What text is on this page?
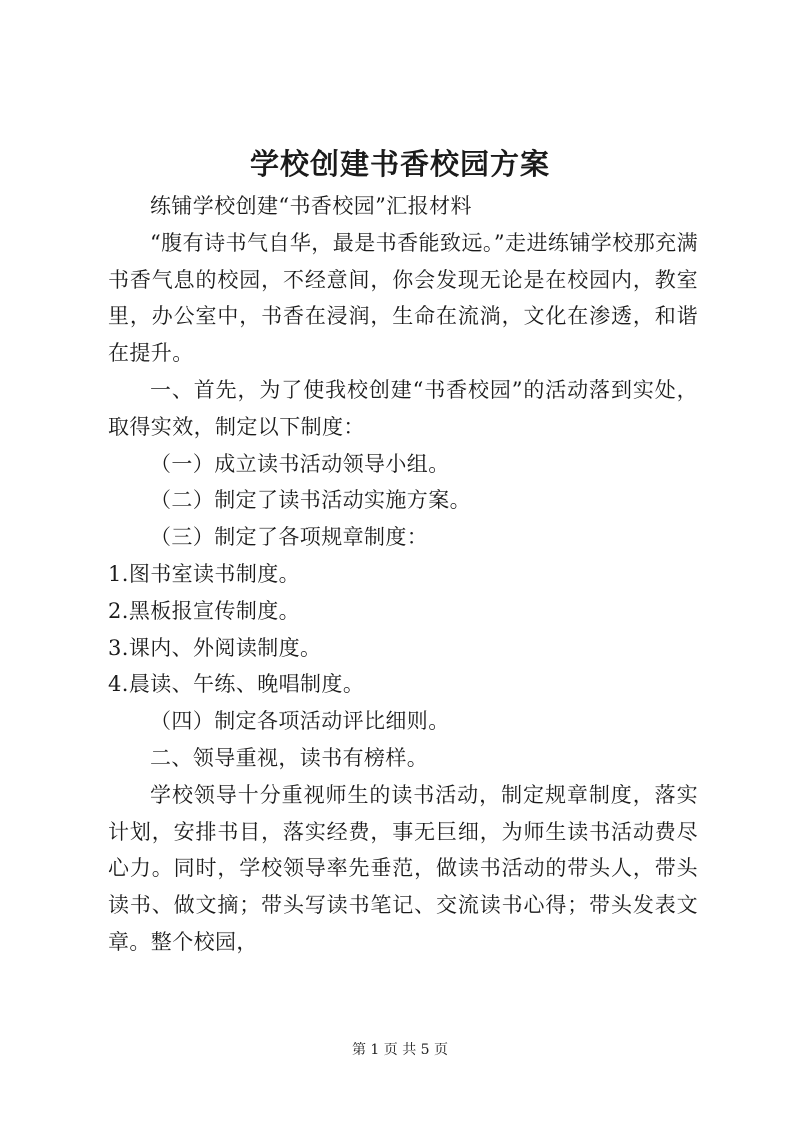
学校创建书香校园方案

练铺学校创建“书香校园”汇报材料

“腹有诗书气自华，最是书香能致远。”走进练铺学校那充满书香气息的校园，不经意间，你会发现无论是在校园内，教室里，办公室中，书香在浸润，生命在流淌，文化在渗透，和谐在提升。

一、首先，为了使我校创建“书香校园”的活动落到实处，取得实效，制定以下制度：

（一）成立读书活动领导小组。

（二）制定了读书活动实施方案。

（三）制定了各项规章制度：

1.图书室读书制度。

2.黑板报宣传制度。

3.课内、外阅读制度。

4.晨读、午练、晚唱制度。

（四）制定各项活动评比细则。

二、领导重视，读书有榜样。

学校领导十分重视师生的读书活动，制定规章制度，落实计划，安排书目，落实经费，事无巨细，为师生读书活动费尽心力。同时，学校领导率先垂范，做读书活动的带头人，带头读书、做文摘；带头写读书笔记、交流读书心得；带头发表文章。整个校园，

第 1 页 共 5 页
